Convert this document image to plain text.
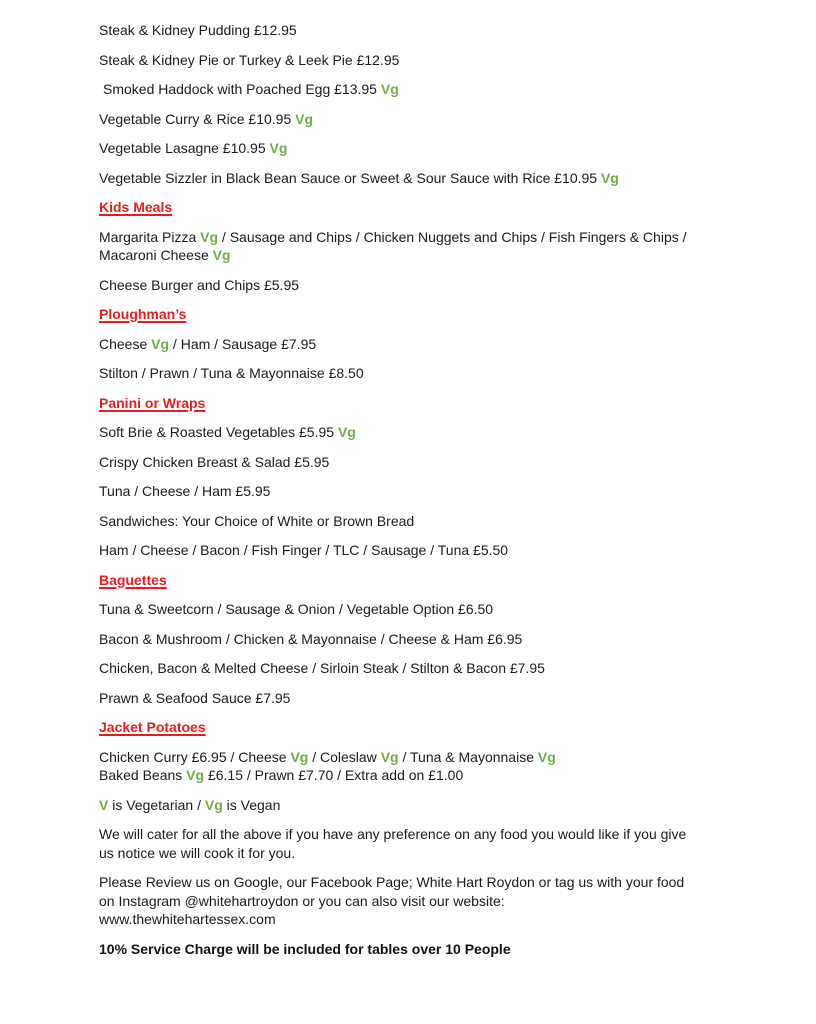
Steak & Kidney Pudding £12.95

Steak & Kidney Pie or Turkey & Leek Pie £12.95

Smoked Haddock with Poached Egg £13.95 Vg

Vegetable Curry & Rice £10.95 Vg

Vegetable Lasagne £10.95 Vg

Vegetable Sizzler in Black Bean Sauce or Sweet & Sour Sauce with Rice £10.95 Vg

Kids Meals

Margarita Pizza Vg / Sausage and Chips / Chicken Nuggets and Chips / Fish Fingers & Chips / Macaroni Cheese Vg

Cheese Burger and Chips £5.95

Ploughman’s

Cheese Vg / Ham / Sausage £7.95

Stilton / Prawn / Tuna & Mayonnaise £8.50

Panini or Wraps

Soft Brie & Roasted Vegetables £5.95 Vg

Crispy Chicken Breast & Salad £5.95

Tuna / Cheese / Ham £5.95

Sandwiches: Your Choice of White or Brown Bread

Ham / Cheese / Bacon / Fish Finger / TLC / Sausage / Tuna £5.50

Baguettes

Tuna & Sweetcorn / Sausage & Onion / Vegetable Option £6.50

Bacon & Mushroom / Chicken & Mayonnaise / Cheese & Ham £6.95

Chicken, Bacon & Melted Cheese / Sirloin Steak / Stilton & Bacon £7.95

Prawn & Seafood Sauce £7.95

Jacket Potatoes

Chicken Curry £6.95 / Cheese Vg / Coleslaw Vg / Tuna & Mayonnaise Vg
Baked Beans Vg £6.15 / Prawn £7.70 / Extra add on £1.00

V is Vegetarian / Vg is Vegan

We will cater for all the above if you have any preference on any food you would like if you give us notice we will cook it for you.

Please Review us on Google, our Facebook Page; White Hart Roydon or tag us with your food on Instagram @whitehartroydon or you can also visit our website:
www.thewhitehartessex.com

10% Service Charge will be included for tables over 10 People
